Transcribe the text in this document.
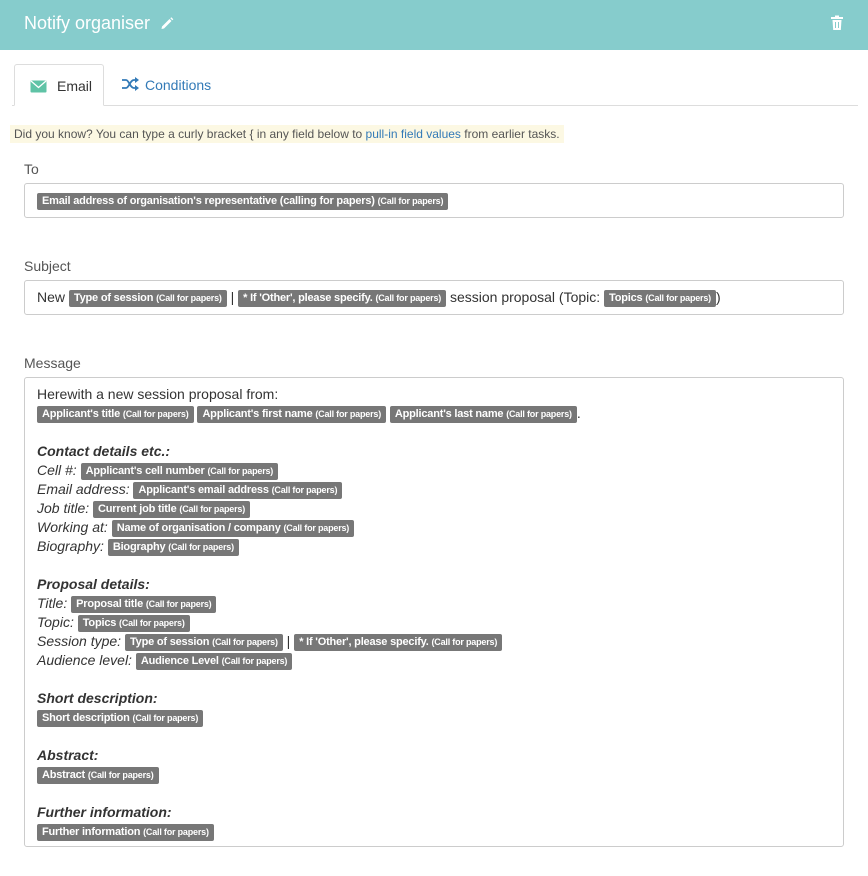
Notify organiser
Email	Conditions
Did you know? You can type a curly bracket { in any field below to pull-in field values from earlier tasks.
To
Email address of organisation's representative (calling for papers) (Call for papers)
Subject
New Type of session (Call for papers) | * If 'Other', please specify. (Call for papers) session proposal (Topic: Topics (Call for papers) )
Message
Herewith a new session proposal from:
Applicant's title (Call for papers) Applicant's first name (Call for papers) Applicant's last name (Call for papers) .
Contact details etc.:
Cell #: Applicant's cell number (Call for papers)
Email address: Applicant's email address (Call for papers)
Job title: Current job title (Call for papers)
Working at: Name of organisation / company (Call for papers)
Biography: Biography (Call for papers)
Proposal details:
Title: Proposal title (Call for papers)
Topic: Topics (Call for papers)
Session type: Type of session (Call for papers) | * If 'Other', please specify. (Call for papers)
Audience level: Audience Level (Call for papers)
Short description:
Short description (Call for papers)
Abstract:
Abstract (Call for papers)
Further information:
Further information (Call for papers)
